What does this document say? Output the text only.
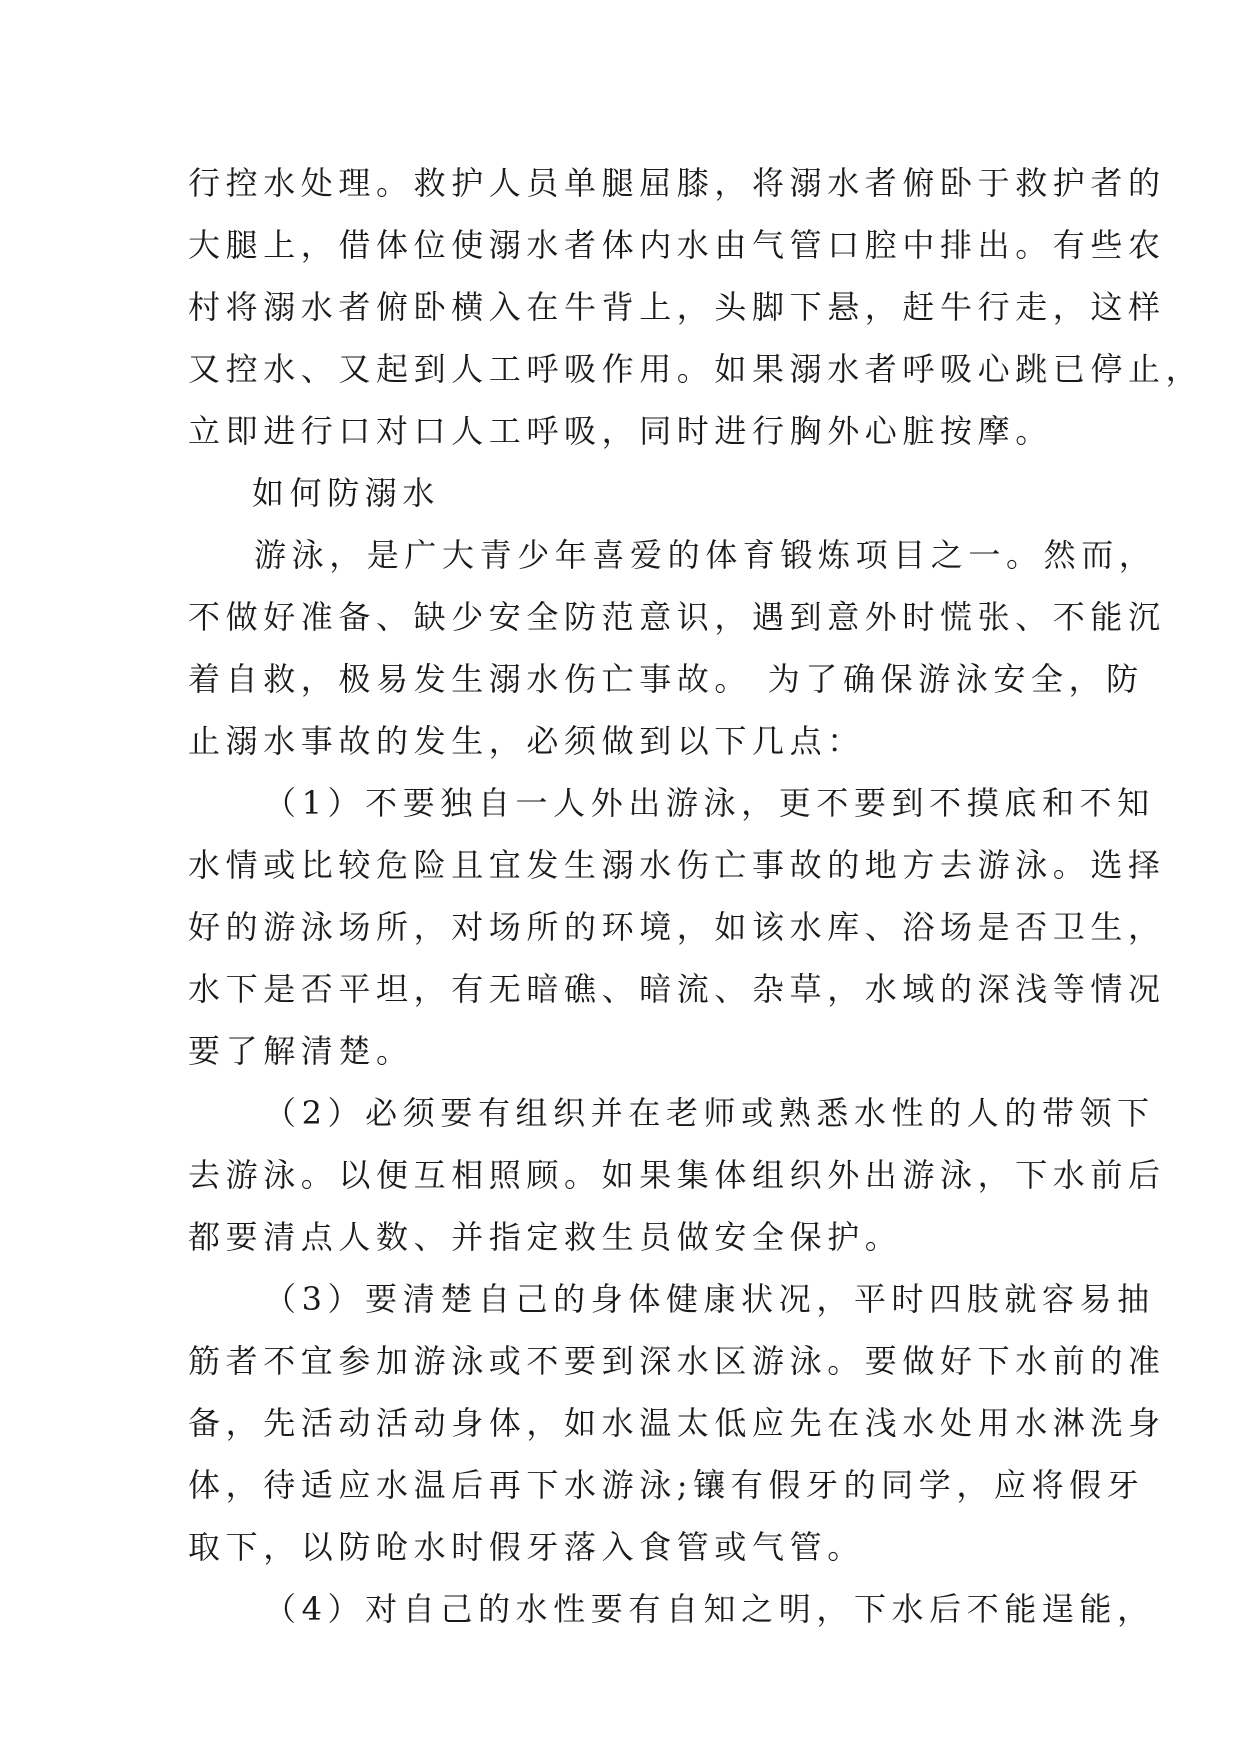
行控水处理。救护人员单腿屈膝，将溺水者俯卧于救护者的
大腿上，借体位使溺水者体内水由气管口腔中排出。有些农
村将溺水者俯卧横入在牛背上，头脚下悬，赶牛行走，这样
又控水、又起到人工呼吸作用。如果溺水者呼吸心跳已停止，
立即进行口对口人工呼吸，同时进行胸外心脏按摩。
如何防溺水
游泳，是广大青少年喜爱的体育锻炼项目之一。然而，
不做好准备、缺少安全防范意识，遇到意外时慌张、不能沉
着自救，极易发生溺水伤亡事故。 为了确保游泳安全，防
止溺水事故的发生，必须做到以下几点：
（1）不要独自一人外出游泳，更不要到不摸底和不知
水情或比较危险且宜发生溺水伤亡事故的地方去游泳。选择
好的游泳场所，对场所的环境，如该水库、浴场是否卫生，
水下是否平坦，有无暗礁、暗流、杂草，水域的深浅等情况
要了解清楚。
（2）必须要有组织并在老师或熟悉水性的人的带领下
去游泳。以便互相照顾。如果集体组织外出游泳，下水前后
都要清点人数、并指定救生员做安全保护。
（3）要清楚自己的身体健康状况，平时四肢就容易抽
筋者不宜参加游泳或不要到深水区游泳。要做好下水前的准
备，先活动活动身体，如水温太低应先在浅水处用水淋洗身
体，待适应水温后再下水游泳;镶有假牙的同学，应将假牙
取下，以防呛水时假牙落入食管或气管。
（4）对自己的水性要有自知之明，下水后不能逞能，
